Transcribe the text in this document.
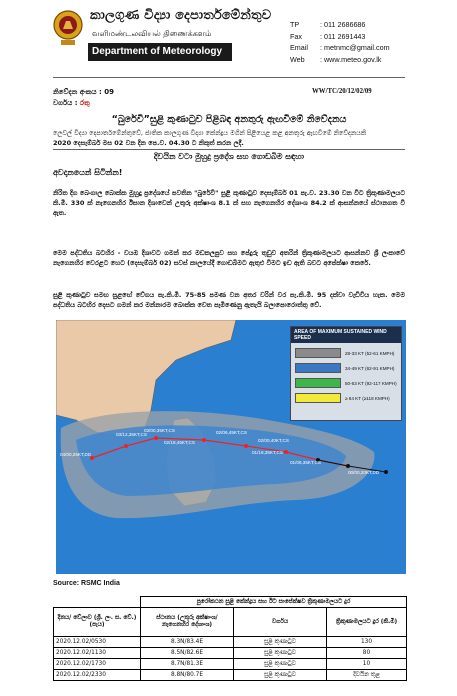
කාලගුණ විද්‍යා දෙපාර්තමේන්තුව
வளிமண்டலவியல் திணைக்களம்
Department of Meteorology
TP	: 011 2686686
Fax	: 011 2691443
Email	: metnmc@gmail.com
Web	: www.meteo.gov.lk
නිවේදන අංකය : 09
වර්ගය : රතු
WW/TC/20/12/02/09
“බුරේවි”සුළි කුණාටුව පිළිබඳ අනතුරු ඇඟවීමේ නිවේදනය
ලෙවල් විද්‍යා දෙපාර්තමේන්තුවේ, ජාතික කාලගුණ විද්‍යා කේන්ද්‍රය මගින් පිළියෙළ කළ අනතුරු ඇඟවීමේ නිවේදනයකි
2020 දෙසැම්බර් මස 02 වන දින පෙ.ව. 04.30 ට නිකුත් කරන ලදී.
දිවයින වටා මුහුදු ප්‍රදේශ සහ ගොඩබිම සඳහා
අවදානයෙන් සිටින්න!
නිරිත දිග බෙංගාල බොක්ක මුහුදු ප්‍රදේශයේ පවතින "බුරේවි" සුළි කුණාටුව දෙසැම්බර් 01 පැ.ව. 23.30 වන විට ත්‍රිකුණාමලයට කි.මී. 330 ක් නැගෙනහිර ඊසාන දිශාවෙන් උතුරු අක්ෂාංශ 8.1 ක් සහ නැගෙනහිර දේශාංශ 84.2 ක් ආසන්නයේ ස්ථානගත වී ඇත.
මෙම පද්ධතිය බටහිර - වයඹ දිශාවට ගමන් කර මඩකලපුව සහ පේදුරු තුඩුව අතරින් ත්‍රිකුණාමලයට ආසන්නව ශ්‍රී ලංකාවේ නැගෙනහිර වෙරළට හෙට (දෙසැම්බර් 02) සවස් කාලයේදී ගොඩබිමට ඇතුළු වීමට ඉඩ ඇති බවට අපේක්ෂා කෙරේ.
සුළි කුණාටුව සමඟ සුළඟේ වේගය පැ.කි.මී. 75-85 පමණ වන අතර වරින් වර පැ.කි.මී. 95 දක්වා වැඩිවිය හැක. මෙම පද්ධතිය බටහිර දෙසට ගමන් කර මන්නාරම බොක්ක වෙත පැමිණෙනු ඇතැයි බලාපොරොත්තු වේ.
00/00,20KT,DD
01/06,35KT,CS
01/18,35KT,CS
02/00,40KT,CS
02/06,45KT,CS
02/18,45KT,CS
03/00,35KT,CS
03/12,35KT,CS
04/00,25KT,DD
AREA OF MAXIMUM SUSTAINED WIND SPEED
28-33 KT (52-61 KMPH)
34-49 KT (62-91 KMPH)
50-63 KT (92-117 KMPH)
≥ 64 KT (≥118 KMPH)
Source: RSMC India
	පුරෝකථන සුළි කේන්ද්‍රය සහ ඊට සාපේක්ෂව ත්‍රිකුණාමලයට දුර		
දිනය/ වේලාව (ශ්‍රී. ලං. ස. වේ.)(පැය)	ස්ථානය (උතුරු අක්ෂාංශ/නැගෙනහිර දේශාංශ)	වර්ගය	ත්‍රිකුණාමලයට දුර (කි.මී)
2020.12.02/0530	8.3N/83.4E	සුළි කුණාටුව	130
2020.12.02/1130	8.5N/82.6E	සුළි කුණාටුව	80
2020.12.02/1730	8.7N/81.3E	සුළි කුණාටුව	10
2020.12.02/2330	8.8N/80.7E	සුළි කුණාටුව	දිවයින තුළ
